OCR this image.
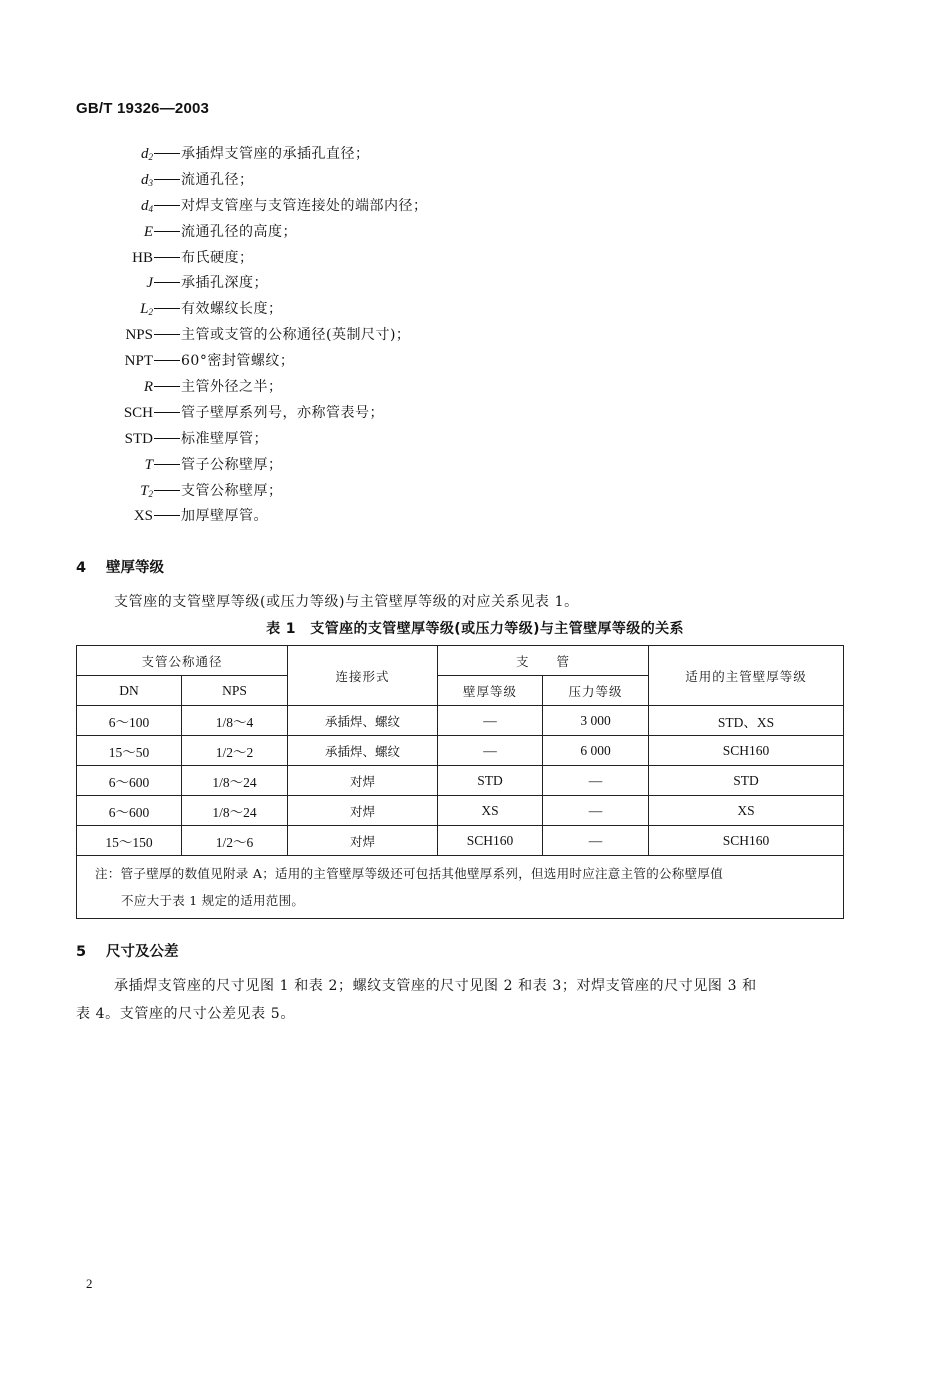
GB/T 19326—2003
$d_2$ 承插焊支管座的承插孔直径；
$d_3$ 流通孔径；
$d_4$ 对焊支管座与支管连接处的端部内径；
E 流通孔径的高度；
HB 布氏硬度；
J 承插孔深度；
$L_2$ 有效螺纹长度；
NPS 主管或支管的公称通径(英制尺寸)；
NPT 60°密封管螺纹；
R 主管外径之半；
SCH 管子壁厚系列号，亦称管表号；
STD 标准壁厚管；
T 管子公称壁厚；
$T_2$ 支管公称壁厚；
XS 加厚壁厚管。
4 壁厚等级
支管座的支管壁厚等级(或压力等级)与主管壁厚等级的对应关系见表 1。
表 1　支管座的支管壁厚等级(或压力等级)与主管壁厚等级的关系
支管公称通径		连接形式	支　　管		适用的主管壁厚等级
DN	NPS		壁厚等级	压力等级	
6～100	1/8～4	承插焊、螺纹	—	3 000	STD、XS
15～50	1/2～2	承插焊、螺纹	—	6 000	SCH160
6～600	1/8～24	对焊	STD	—	STD
6～600	1/8～24	对焊	XS	—	XS
15～150	1/2～6	对焊	SCH160	—	SCH160

注：管子壁厚的数值见附录 A；适用的主管壁厚等级还可包括其他壁厚系列，但选用时应注意主管的公称壁厚值
不应大于表 1 规定的适用范围。					
5 尺寸及公差
承插焊支管座的尺寸见图 1 和表 2；螺纹支管座的尺寸见图 2 和表 3；对焊支管座的尺寸见图 3 和
表 4。支管座的尺寸公差见表 5。
2
